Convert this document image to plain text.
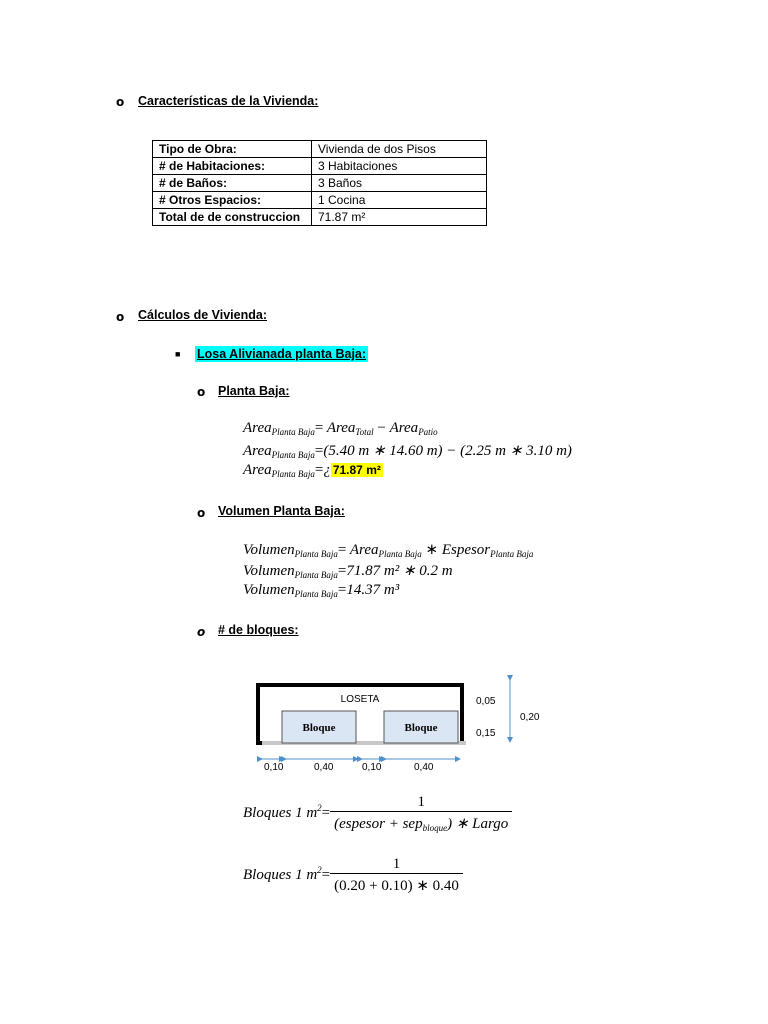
o Características de la Vivienda:
Tipo de Obra:	Vivienda de dos Pisos
# de Habitaciones:	3 Habitaciones
# de Baños:	3 Baños
# Otros Espacios:	1 Cocina
Total de de construccion	71.87 m²
o Cálculos de Vivienda:
■ Losa Alivianada planta Baja:
o Planta Baja:
Area$_{Planta Baja}$= Area$_{Total}$ − Area$_{Patio}$
Area$_{Planta Baja}$=(5.40 m ∗ 14.60 m) − (2.25 m ∗ 3.10 m)
Area$_{Planta Baja}$=¿ 71.87 m²
o Volumen Planta Baja:
Volumen$_{Planta Baja}$= Area$_{Planta Baja}$ ∗ Espesor$_{Planta Baja}$
Volumen$_{Planta Baja}$=71.87 m² ∗ 0.2 m
Volumen$_{Planta Baja}$=14.37 m³
o # de bloques:
LOSETA
Bloque	Bloque
0,05
0,15
0,20
0,10	0,40	0,10	0,40
Bloques 1 $m^2= \frac{1}{(espesor + sep_{bloque}) ∗ Largo}$
Bloques 1 $m^2= \frac{1}{(0.20 + 0.10) ∗ 0.40}$
